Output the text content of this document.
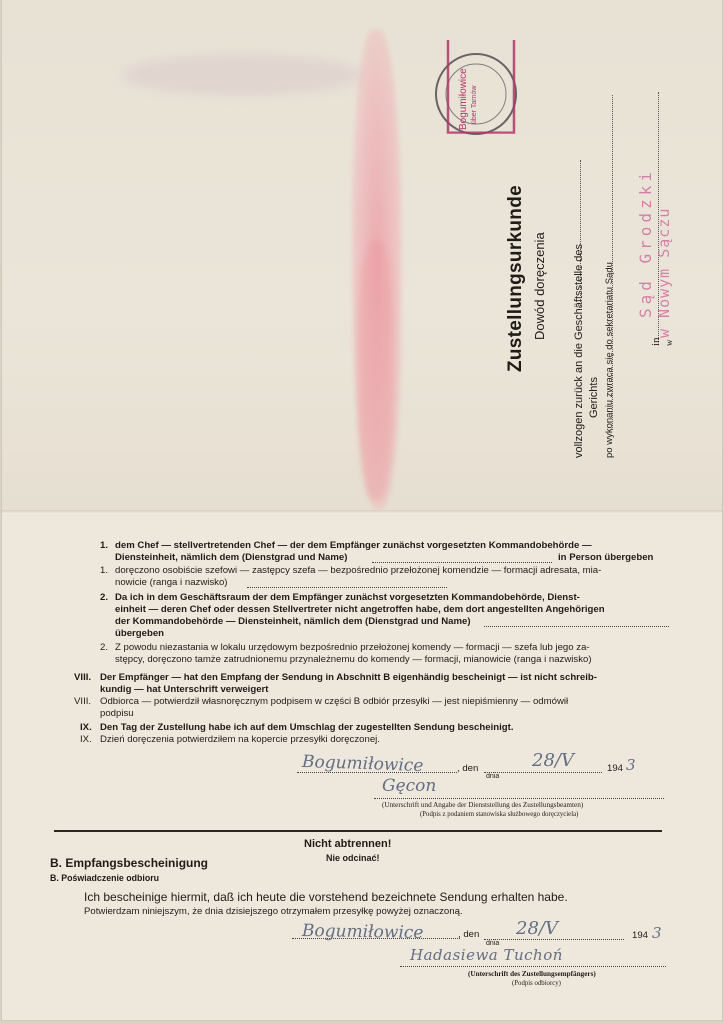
Bogumiłowice über Tarnów
Zustellungsurkunde Dowód doręczenia vollzogen zurück an die Geschäftsstelle des Gerichts po wykonaniu zwraca się do sekretariatu Sądu	in w
Sąd Grodzki w Nowym Sączu
1. dem Chef — stellvertretenden Chef — der dem Empfänger zunächst vorgesetzten Kommandobehörde —
Diensteinheit, nämlich dem (Dienstgrad und Name)	in Person übergeben
1. doręczono osobiście szefowi — zastępcy szefa — bezpośrednio przełożonej komendzie — formacji adresata, mia-
nowicie (ranga i nazwisko)
2. Da ich in dem Geschäftsraum der dem Empfänger zunächst vorgesetzten Kommandobehörde, Dienst-
einheit — deren Chef oder dessen Stellvertreter nicht angetroffen habe, dem dort angestellten Angehörigen
der Kommandobehörde — Diensteinheit, nämlich dem (Dienstgrad und Name)
übergeben
2. Z powodu niezastania w lokalu urzędowym bezpośrednio przełożonej komendy — formacji — szefa lub jego za-
stępcy, doręczono tamże zatrudnionemu przynależnemu do komendy — formacji, mianowicie (ranga i nazwisko)
VIII. Der Empfänger — hat den Empfang der Sendung in Abschnitt B eigenhändig bescheinigt — ist nicht schreib-
kundig — hat Unterschrift verweigert
VIII. Odbiorca — potwierdził własnoręcznym podpisem w części B odbiór przesyłki — jest niepiśmienny — odmówił
podpisu
IX. Den Tag der Zustellung habe ich auf dem Umschlag der zugestellten Sendung bescheinigt.
IX. Dzień doręczenia potwierdziłem na kopercie przesyłki doręczonej.
Bogumiłowice	, den
dnia
28/V	194 3
Gęcon
(Unterschrift und Angabe der Dienststellung des Zustellungsbeamten)
(Podpis z podaniem stanowiska służbowego doręczyciela)
Nicht abtrennen!
Nie odcinać!
B. Empfangsbescheinigung
B. Poświadczenie odbioru
Ich bescheinige hiermit, daß ich heute die vorstehend bezeichnete Sendung erhalten habe.
Potwierdzam niniejszym, że dnia dzisiejszego otrzymałem przesyłkę powyżej oznaczoną.
Bogumiłowice	, den
dnia
28/V	194 3
Hadasiewa Tuchoń
(Unterschrift des Zustellungsempfängers)
(Podpis odbiorcy)
